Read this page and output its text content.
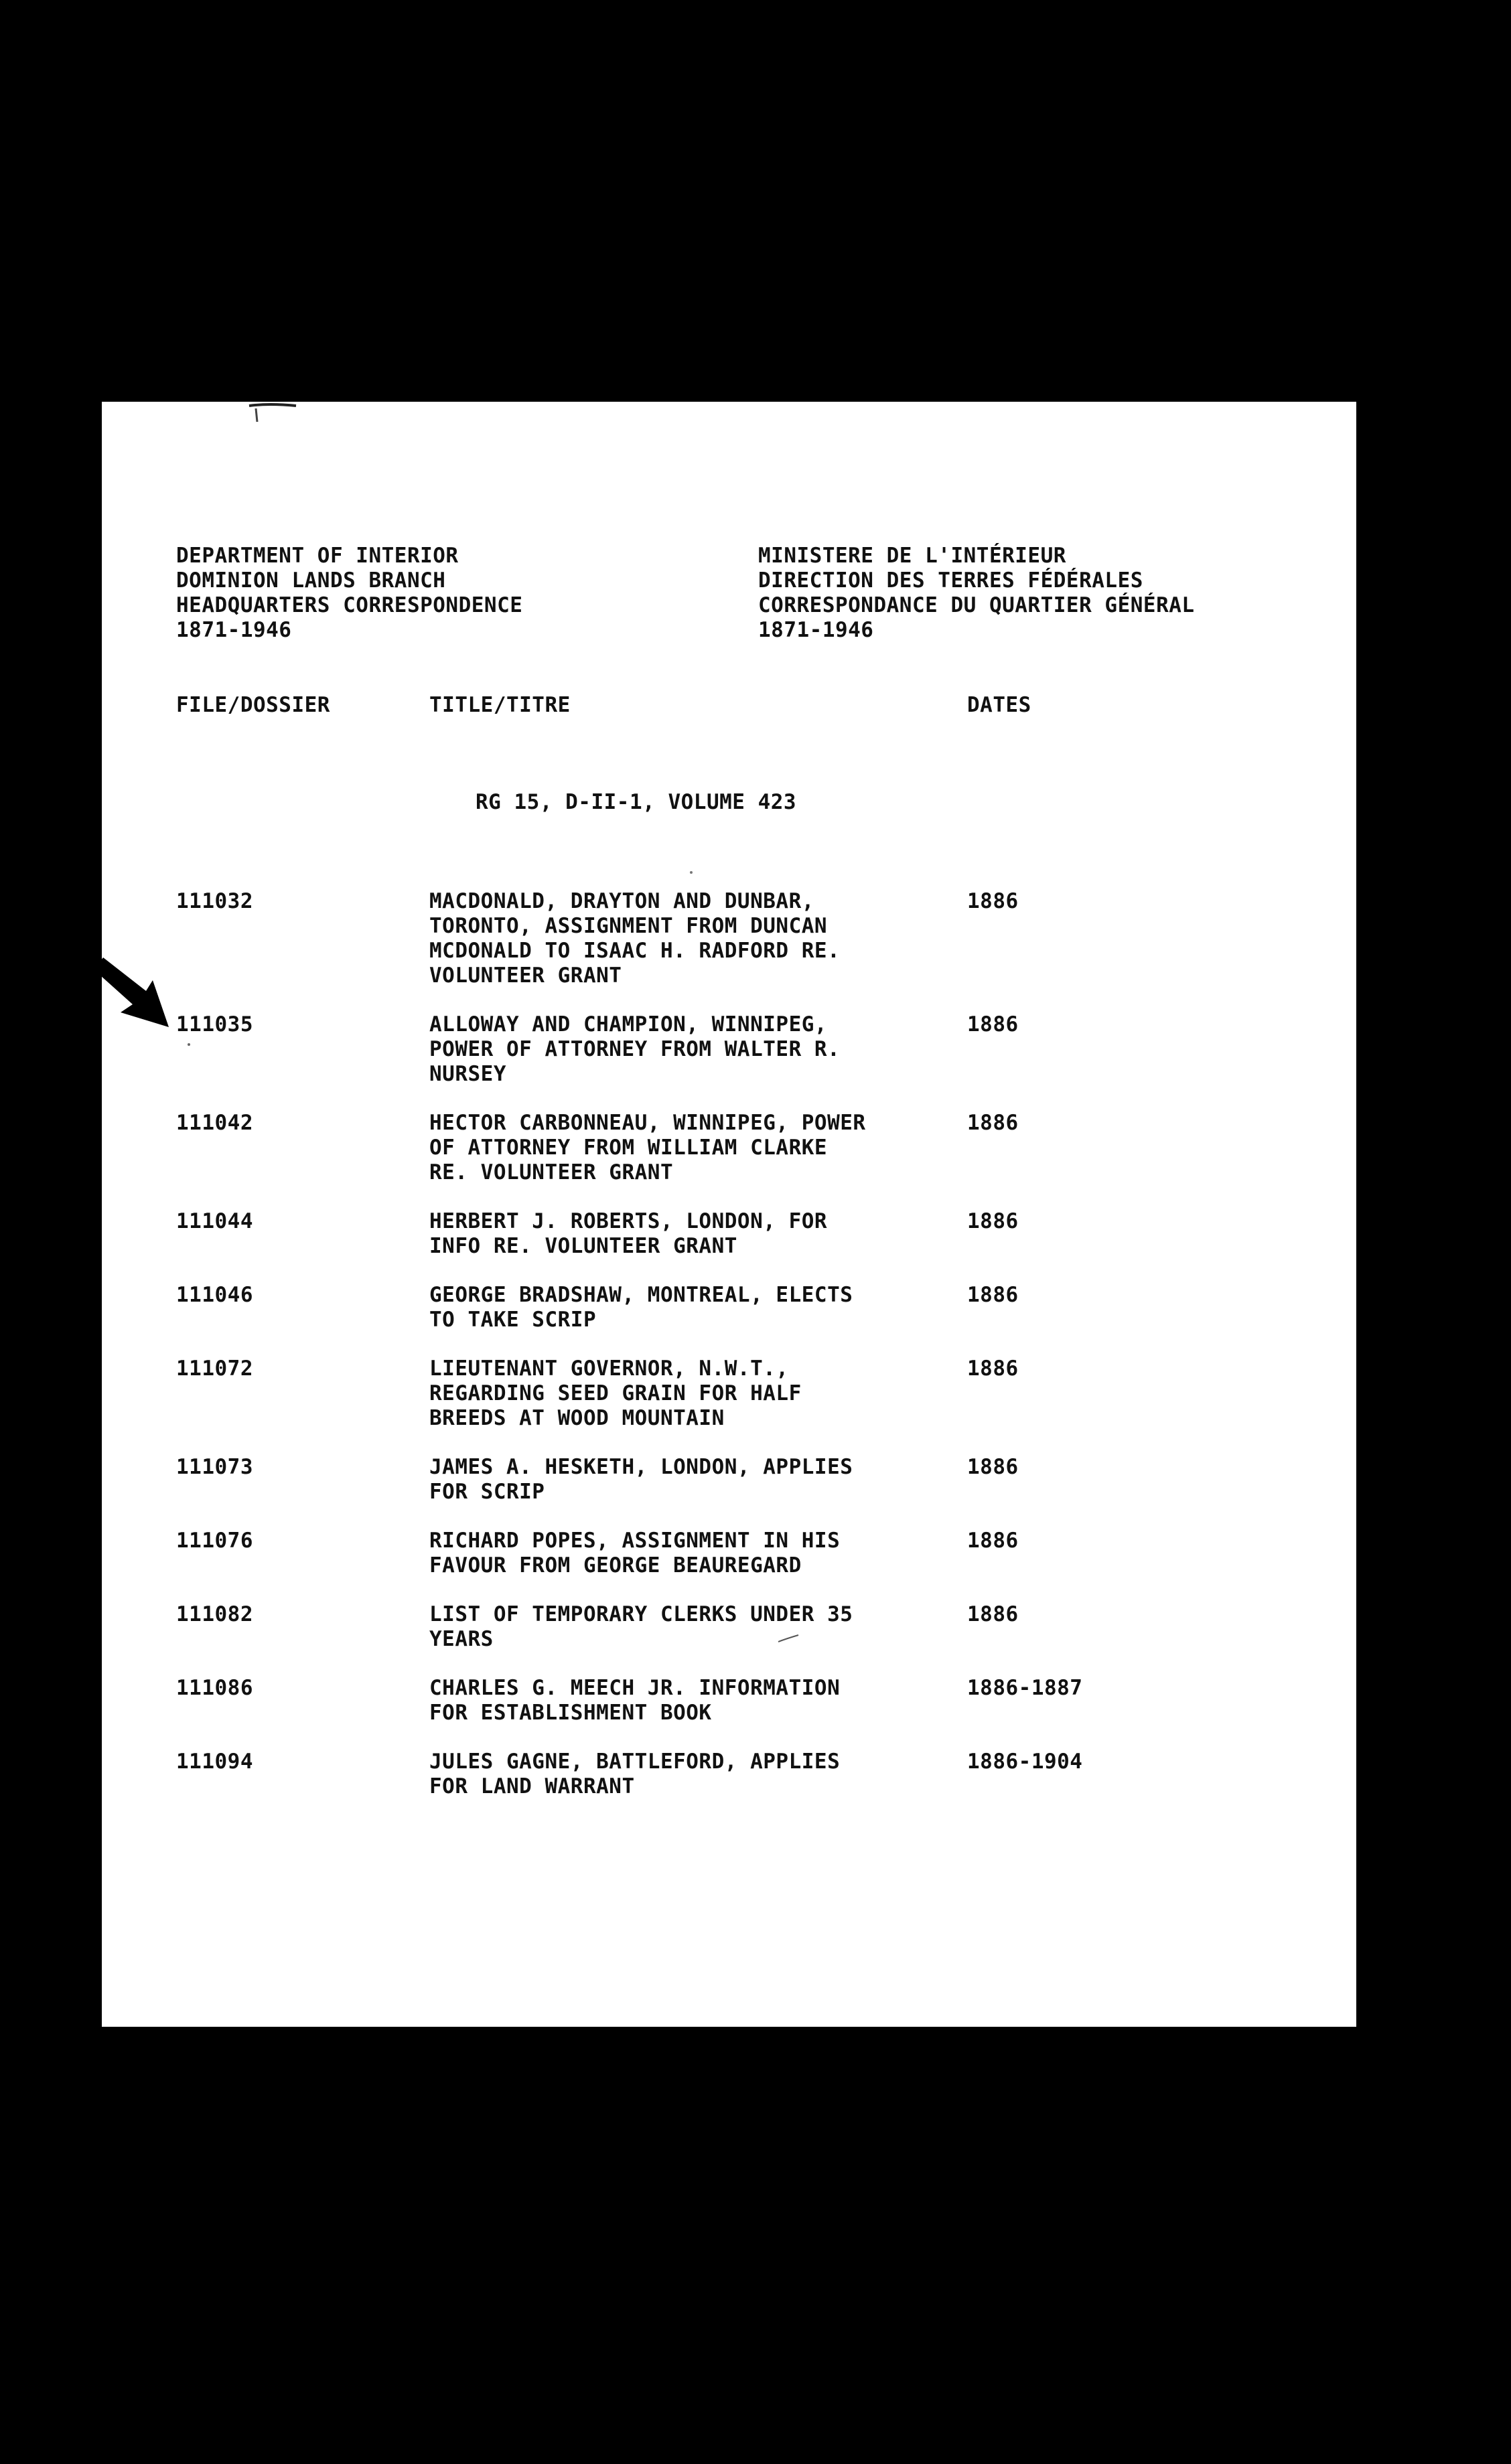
DEPARTMENT OF INTERIOR
DOMINION LANDS BRANCH
HEADQUARTERS CORRESPONDENCE
1871-1946
MINISTERE DE L'INTÉRIEUR
DIRECTION DES TERRES FÉDÉRALES
CORRESPONDANCE DU QUARTIER GÉNÉRAL
1871-1946
FILE/DOSSIER	TITLE/TITRE	DATES
RG 15, D-II-1, VOLUME 423
111032	MACDONALD, DRAYTON AND DUNBAR,
TORONTO, ASSIGNMENT FROM DUNCAN
MCDONALD TO ISAAC H. RADFORD RE.
VOLUNTEER GRANT
1886
111035	ALLOWAY AND CHAMPION, WINNIPEG,
POWER OF ATTORNEY FROM WALTER R.
NURSEY
1886
111042	HECTOR CARBONNEAU, WINNIPEG, POWER
OF ATTORNEY FROM WILLIAM CLARKE
RE. VOLUNTEER GRANT
1886
111044	HERBERT J. ROBERTS, LONDON, FOR
INFO RE. VOLUNTEER GRANT
1886
111046	GEORGE BRADSHAW, MONTREAL, ELECTS
TO TAKE SCRIP
1886
111072	LIEUTENANT GOVERNOR, N.W.T.,
REGARDING SEED GRAIN FOR HALF
BREEDS AT WOOD MOUNTAIN
1886
111073	JAMES A. HESKETH, LONDON, APPLIES
FOR SCRIP
1886
111076	RICHARD POPES, ASSIGNMENT IN HIS
FAVOUR FROM GEORGE BEAUREGARD
1886
111082	LIST OF TEMPORARY CLERKS UNDER 35
YEARS
1886
111086	CHARLES G. MEECH JR. INFORMATION
FOR ESTABLISHMENT BOOK
1886-1887
111094	JULES GAGNE, BATTLEFORD, APPLIES
FOR LAND WARRANT
1886-1904
